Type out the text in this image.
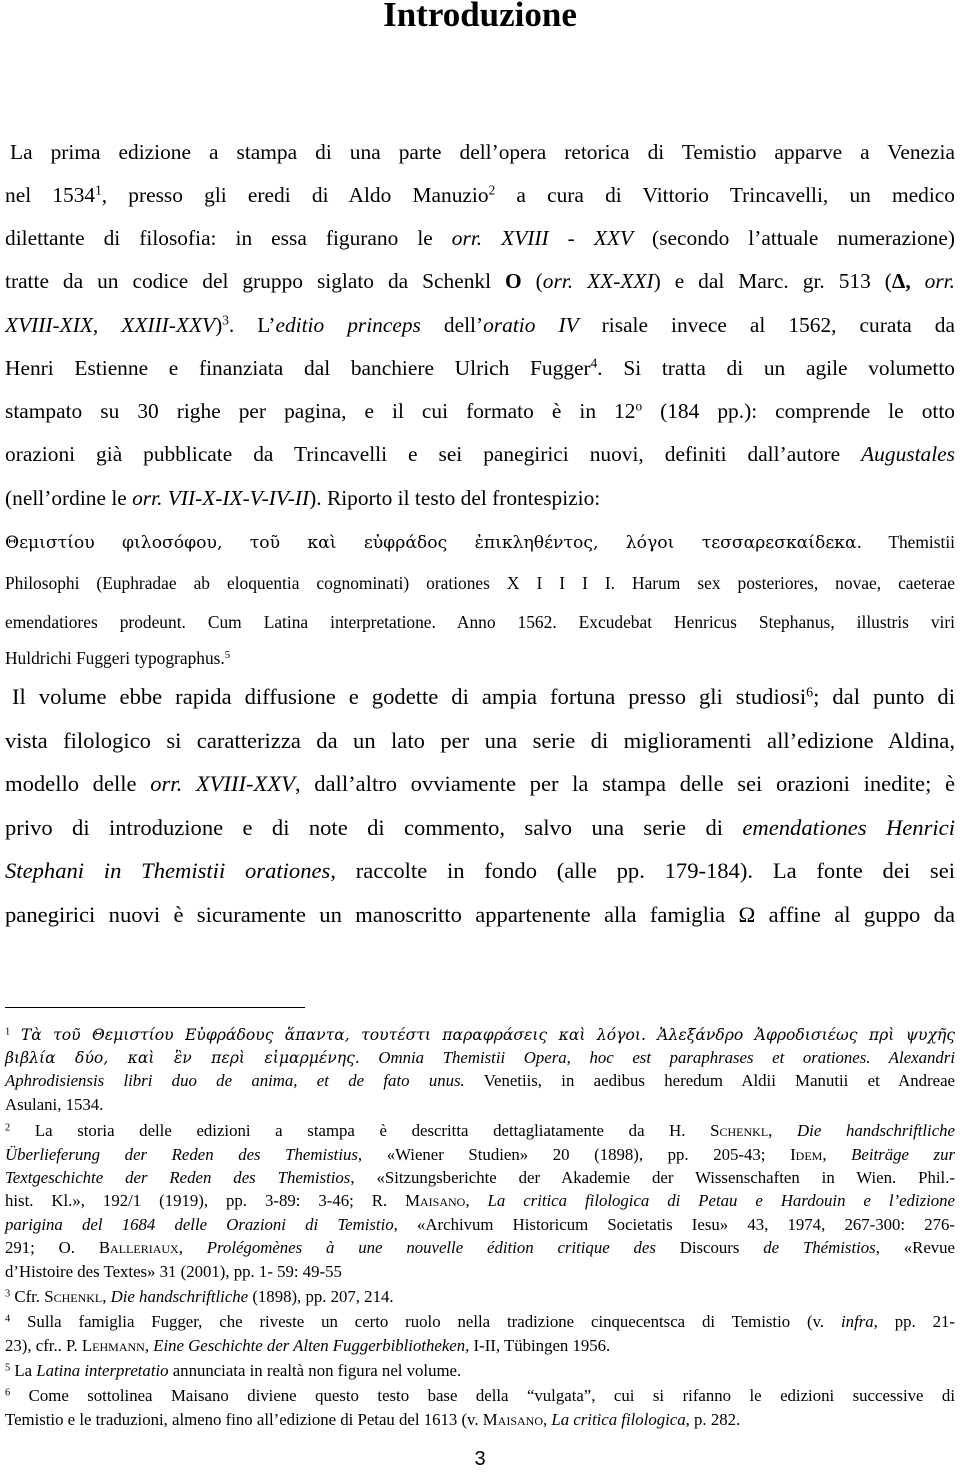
Introduzione
La prima edizione a stampa di una parte dell’opera retorica di Temistio apparve a Venezia
nel 1534$^1$, presso gli eredi di Aldo Manuzio$^2$ a cura di Vittorio Trincavelli, un medico
dilettante di filosofia: in essa figurano le orr. XVIII - XXV (secondo l’attuale numerazione)
tratte da un codice del gruppo siglato da Schenkl O (orr. XX-XXI) e dal Marc. gr. 513 (Δ, orr.
XVIII-XIX, XXIII-XXV)$^3$. L’editio princeps dell’oratio IV risale invece al 1562, curata da
Henri Estienne e finanziata dal banchiere Ulrich Fugger$^4$. Si tratta di un agile volumetto
stampato su 30 righe per pagina, e il cui formato è in 12$^o$ (184 pp.): comprende le otto
orazioni già pubblicate da Trincavelli e sei panegirici nuovi, definiti dall’autore Augustales
(nell’ordine le orr. VII-X-IX-V-IV-II). Riporto il testo del frontespizio:
Θεμιστίου φιλοσόφου, τοῦ καὶ εὐφράδος ἐπικληθέντος, λόγοι τεσσαρεσκαίδεκα. Themistii
Philosophi (Euphradae ab eloquentia cognominati) orationes X I I I I. Harum sex posteriores, novae, caeterae
emendatiores prodeunt. Cum Latina interpretatione. Anno 1562. Excudebat Henricus Stephanus, illustris viri
Huldrichi Fuggeri typographus.$^5$
Il volume ebbe rapida diffusione e godette di ampia fortuna presso gli studiosi$^6$; dal punto di
vista filologico si caratterizza da un lato per una serie di miglioramenti all’edizione Aldina,
modello delle orr. XVIII-XXV, dall’altro ovviamente per la stampa delle sei orazioni inedite; è
privo di introduzione e di note di commento, salvo una serie di emendationes Henrici
Stephani in Themistii orationes, raccolte in fondo (alle pp. 179-184). La fonte dei sei
panegirici nuovi è sicuramente un manoscritto appartenente alla famiglia Ω affine al guppo da
$^1$ Τὰ τοῦ Θεμιστίου Εὐφράδους ἅπαντα, τουτέστι παραφράσεις καὶ λόγοι. Ἀλεξάνδρο Ἀφροδισιέως πρὶ ψυχῆς
βιβλία δύο, καὶ ἓν περὶ εἱμαρμένης. Omnia Themistii Opera, hoc est paraphrases et orationes. Alexandri
Aphrodisiensis libri duo de anima, et de fato unus. Venetiis, in aedibus heredum Aldii Manutii et Andreae
Asulani, 1534.
$^2$ La storia delle edizioni a stampa è descritta dettagliatamente da H. Schenkl, Die handschriftliche
Überlieferung der Reden des Themistius, «Wiener Studien» 20 (1898), pp. 205-43; Idem, Beiträge zur
Textgeschichte der Reden des Themistios, «Sitzungsberichte der Akademie der Wissenschaften in Wien. Phil.-
hist. Kl.», 192/1 (1919), pp. 3-89: 3-46; R. Maisano, La critica filologica di Petau e Hardouin e l’edizione
parigina del 1684 delle Orazioni di Temistio, «Archivum Historicum Societatis Iesu» 43, 1974, 267-300: 276-
291; O. Balleriaux, Prolégomènes à une nouvelle édition critique des Discours de Thémistios, «Revue
d’Histoire des Textes» 31 (2001), pp. 1- 59: 49-55
$^3$ Cfr. Schenkl, Die handschriftliche (1898), pp. 207, 214.
$^4$ Sulla famiglia Fugger, che riveste un certo ruolo nella tradizione cinquecentsca di Temistio (v. infra, pp. 21-
23), cfr.. P. Lehmann, Eine Geschichte der Alten Fuggerbibliotheken, I-II, Tübingen 1956.
$^5$ La Latina interpretatio annunciata in realtà non figura nel volume.
$^6$ Come sottolinea Maisano diviene questo testo base della “vulgata”, cui si rifanno le edizioni successive di
Temistio e le traduzioni, almeno fino all’edizione di Petau del 1613 (v. Maisano, La critica filologica, p. 282.
3
